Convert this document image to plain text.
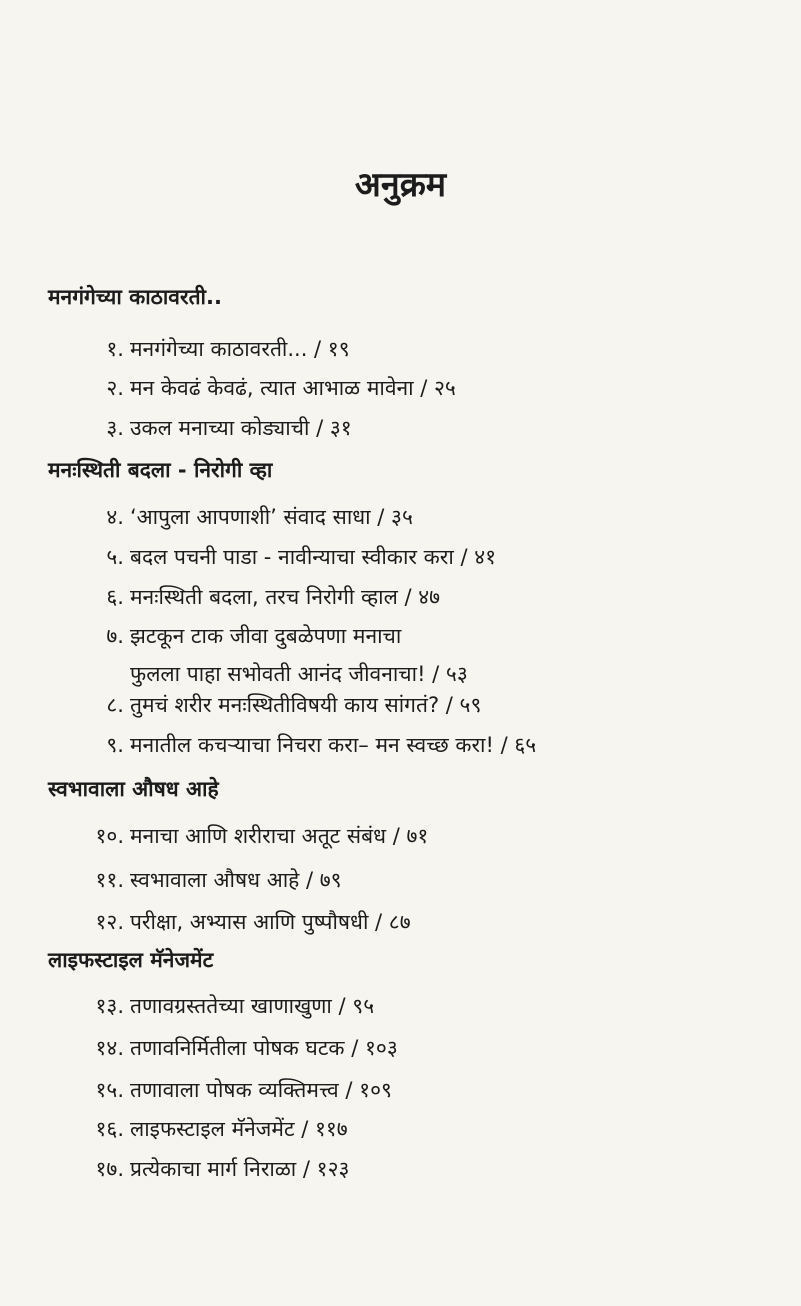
अनुक्रम
मनगंगेच्या काठावरती..
१. मनगंगेच्या काठावरती... / १९
२. मन केवढं केवढं, त्यात आभाळ मावेना / २५
३. उकल मनाच्या कोड्याची / ३१
मनःस्थिती बदला - निरोगी व्हा
४. ‘आपुला आपणाशी’ संवाद साधा / ३५
५. बदल पचनी पाडा - नावीन्याचा स्वीकार करा / ४१
६. मनःस्थिती बदला, तरच निरोगी व्हाल / ४७
७. झटकून टाक जीवा दुबळेपणा मनाचा
फुलला पाहा सभोवती आनंद जीवनाचा! / ५३
८. तुमचं शरीर मनःस्थितीविषयी काय सांगतं? / ५९
९. मनातील कचऱ्याचा निचरा करा– मन स्वच्छ करा! / ६५
स्वभावाला औषध आहे
१०. मनाचा आणि शरीराचा अतूट संबंध / ७१
११. स्वभावाला औषध आहे / ७९
१२. परीक्षा, अभ्यास आणि पुष्पौषधी / ८७
लाइफस्टाइल मॅनेजमेंट
१३. तणावग्रस्ततेच्या खाणाखुणा / ९५
१४. तणावनिर्मितीला पोषक घटक / १०३
१५. तणावाला पोषक व्यक्तिमत्त्व / १०९
१६. लाइफस्टाइल मॅनेजमेंट / ११७
१७. प्रत्येकाचा मार्ग निराळा / १२३
